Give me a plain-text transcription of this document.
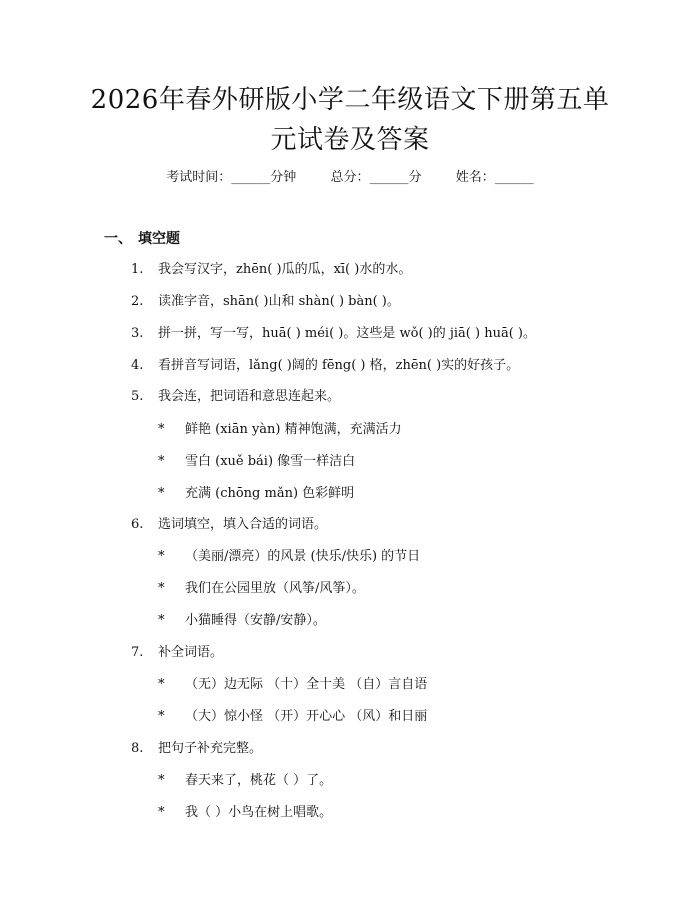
2026年春外研版小学二年级语文下册第五单
元试卷及答案
考试时间：______分钟	总分：______分	姓名：______
一、 填空题
1. 我会写汉字，zhēn( )瓜的瓜，xī( )水的水。
2. 读准字音，shān( )山和 shàn( ) bàn( )。
3. 拼一拼，写一写，huā( ) méi( )。这些是 wǒ( )的 jiā( ) huā( )。
4. 看拼音写词语，lǎng( )阔的 fēng( ) 格，zhēn( )实的好孩子。
5. 我会连，把词语和意思连起来。
* 鲜艳 (xiān yàn) 精神饱满，充满活力
* 雪白 (xuě bái) 像雪一样洁白
* 充满 (chōng mǎn) 色彩鲜明
6. 选词填空，填入合适的词语。
* （美丽/漂亮）的风景 (快乐/快乐) 的节日
* 我们在公园里放（风筝/风筝）。
* 小猫睡得（安静/安静）。
7. 补全词语。
* （无）边无际 （十）全十美 （自）言自语
* （大）惊小怪 （开）开心心 （风）和日丽
8. 把句子补充完整。
* 春天来了，桃花（ ）了。
* 我（ ）小鸟在树上唱歌。
